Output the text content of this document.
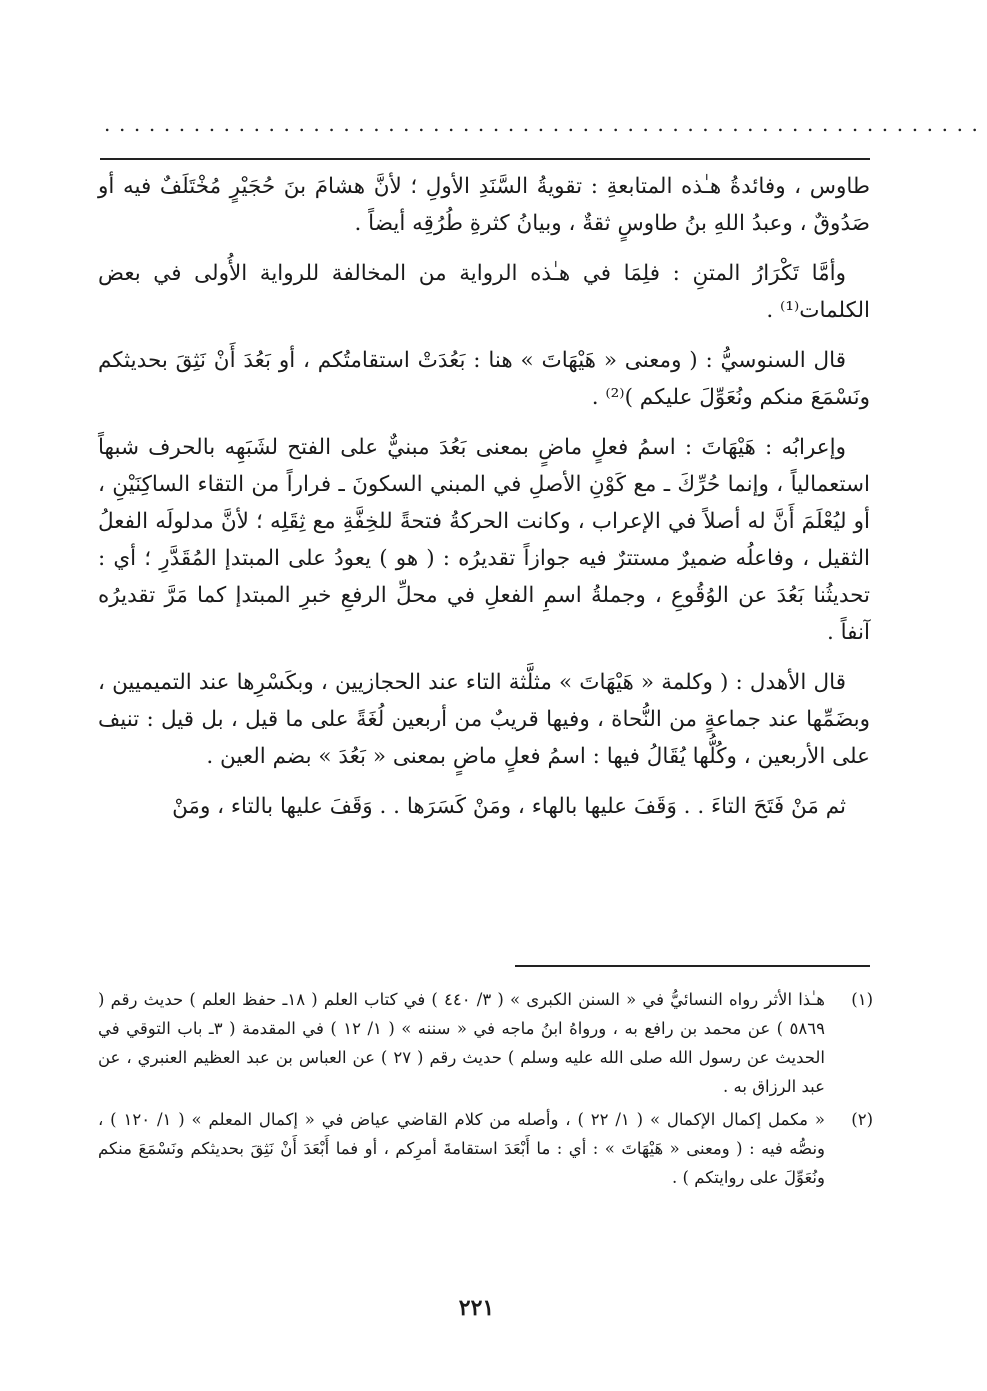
...........................................................

طاوس ، وفائدةُ هـٰذه المتابعةِ : تقويةُ السَّنَدِ الأولِ ؛ لأنَّ هشامَ بنَ حُجَيْرٍ مُخْتَلَفٌ فيه أو صَدُوقٌ ، وعبدُ اللهِ بنُ طاوسٍ ثقةٌ ، وبيانُ كثرةِ طُرُقِه أيضاً .

وأمَّا تَكْرَارُ المتنِ : فلِمَا في هـٰذه الرواية من المخالفة للرواية الأُولى في بعض الكلمات⁽¹⁾ .

قال السنوسيُّ : ( ومعنى « هَيْهَاتَ » هنا : بَعُدَتْ استقامتُكم ، أو بَعُدَ أَنْ نَثِقَ بحديثكم ونَسْمَعَ منكم ونُعَوِّلَ عليكم )⁽²⁾ .

وإعرابُه : هَيْهَاتَ : اسمُ فعلٍ ماضٍ بمعنى بَعُدَ مبنيٌّ على الفتح لشَبَهِه بالحرف شبهاً استعمالياً ، وإنما حُرِّكَ ـ مع كَوْنِ الأصلِ في المبني السكونَ ـ فراراً من التقاء الساكِنَيْنِ ، أو ليُعْلَمَ أَنَّ له أصلاً في الإعراب ، وكانت الحركةُ فتحةً للخِفَّةِ مع ثِقَلِه ؛ لأنَّ مدلولَه الفعلُ الثقيل ، وفاعلُه ضميرٌ مستترٌ فيه جوازاً تقديرُه : ( هو ) يعودُ على المبتدإ المُقَدَّرِ ؛ أي : تحديثُنا بَعُدَ عن الوُقُوعِ ، وجملةُ اسمِ الفعلِ في محلِّ الرفعِ خبرِ المبتدإ كما مَرَّ تقديرُه آنفاً .

قال الأهدل : ( وكلمة « هَيْهَاتَ » مثلَّثة التاء عند الحجازيين ، وبكَسْرِها عند التميميين ، وبضَمِّها عند جماعةٍ من النُّحاة ، وفيها قريبٌ من أربعين لُغَةً على ما قيل ، بل قيل : تنيف على الأربعين ، وكُلُّها يُقَالُ فيها : اسمُ فعلٍ ماضٍ بمعنى « بَعُدَ » بضم العين .

ثم مَنْ فَتَحَ التاءَ . . وَقَفَ عليها بالهاء ، ومَنْ كَسَرَها . . وَقَفَ عليها بالتاء ، ومَنْ

(١)
هـٰذا الأثر رواه النسائيُّ في « السنن الكبرى » ( ٣/ ٤٤٠ ) في كتاب العلم ( ١٨ـ حفظ العلم ) حديث رقم ( ٥٨٦٩ ) عن محمد بن رافع به ، ورواهُ ابنُ ماجه في « سننه » ( ١/ ١٢ ) في المقدمة ( ٣ـ باب التوقي في الحديث عن رسول الله صلى الله عليه وسلم ) حديث رقم ( ٢٧ ) عن العباس بن عبد العظيم العنبري ، عن عبد الرزاق به .
(٢)
« مكمل إكمال الإكمال » ( ١/ ٢٢ ) ، وأصله من كلام القاضي عياض في « إكمال المعلم » ( ١/ ١٢٠ ) ، ونصُّه فيه : ( ومعنى « هَيْهَاتَ » : أي : ما أَبْعَدَ استقامةَ أمرِكم ، أو فما أَبْعَدَ أَنْ نَثِقَ بحديثكم ونَسْمَعَ منكم ونُعَوِّلَ على روايتكم ) .
٢٢١
